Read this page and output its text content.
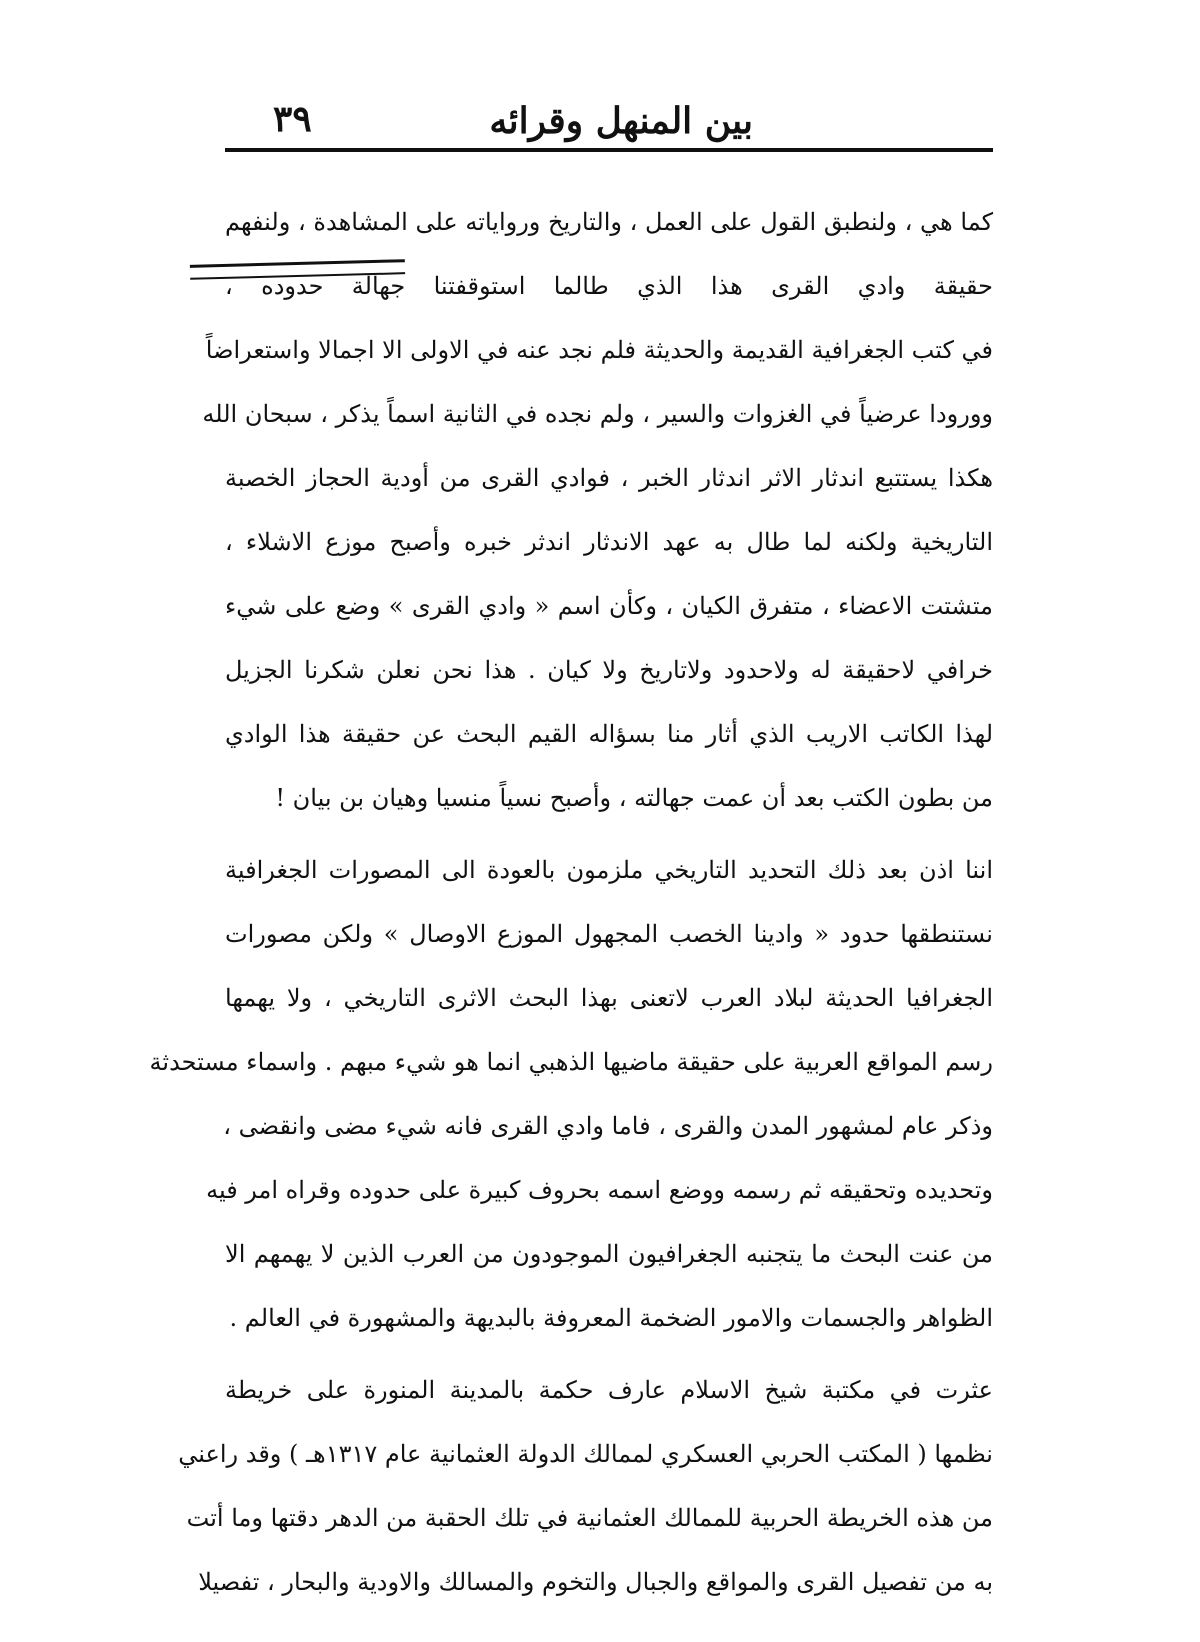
بين المنهل وقرائه
٣٩
كما هي ، ولنطبق القول على العمل ، والتاريخ ورواياته على المشاهدة ، ولنفهم
حقيقة وادي القرى هذا الذي طالما استوقفتنا جهالة حدوده ،
في كتب الجغرافية القديمة والحديثة فلم نجد عنه في الاولى الا اجمالا واستعراضاً
وورودا عرضياً في الغزوات والسير ، ولم نجده في الثانية اسماً يذكر ، سبحان الله
هكذا يستتبع اندثار الاثر اندثار الخبر ، فوادي القرى من أودية الحجاز الخصبة
التاريخية ولكنه لما طال به عهد الاندثار اندثر خبره وأصبح موزع الاشلاء ،
متشتت الاعضاء ، متفرق الكيان ، وكأن اسم « وادي القرى » وضع على شيء
خرافي لاحقيقة له ولاحدود ولاتاريخ ولا كيان . هذا نحن نعلن شكرنا الجزيل
لهذا الكاتب الاريب الذي أثار منا بسؤاله القيم البحث عن حقيقة هذا الوادي
من بطون الكتب بعد أن عمت جهالته ، وأصبح نسياً منسيا وهيان بن بيان !
اننا اذن بعد ذلك التحديد التاريخي ملزمون بالعودة الى المصورات الجغرافية
نستنطقها حدود « وادينا الخصب المجهول الموزع الاوصال » ولكن مصورات
الجغرافيا الحديثة لبلاد العرب لاتعنى بهذا البحث الاثرى التاريخي ، ولا يهمها
رسم المواقع العربية على حقيقة ماضيها الذهبي انما هو شيء مبهم . واسماء مستحدثة
وذكر عام لمشهور المدن والقرى ، فاما وادي القرى فانه شيء مضى وانقضى ،
وتحديده وتحقيقه ثم رسمه ووضع اسمه بحروف كبيرة على حدوده وقراه امر فيه
من عنت البحث ما يتجنبه الجغرافيون الموجودون من العرب الذين لا يهمهم الا
الظواهر والجسمات والامور الضخمة المعروفة بالبديهة والمشهورة في العالم .
عثرت في مكتبة شيخ الاسلام عارف حكمة بالمدينة المنورة على خريطة
نظمها ( المكتب الحربي العسكري لممالك الدولة العثمانية عام ١٣١٧هـ ) وقد راعني
من هذه الخريطة الحربية للممالك العثمانية في تلك الحقبة من الدهر دقتها وما أتت
به من تفصيل القرى والمواقع والجبال والتخوم والمسالك والاودية والبحار ، تفصيلا
